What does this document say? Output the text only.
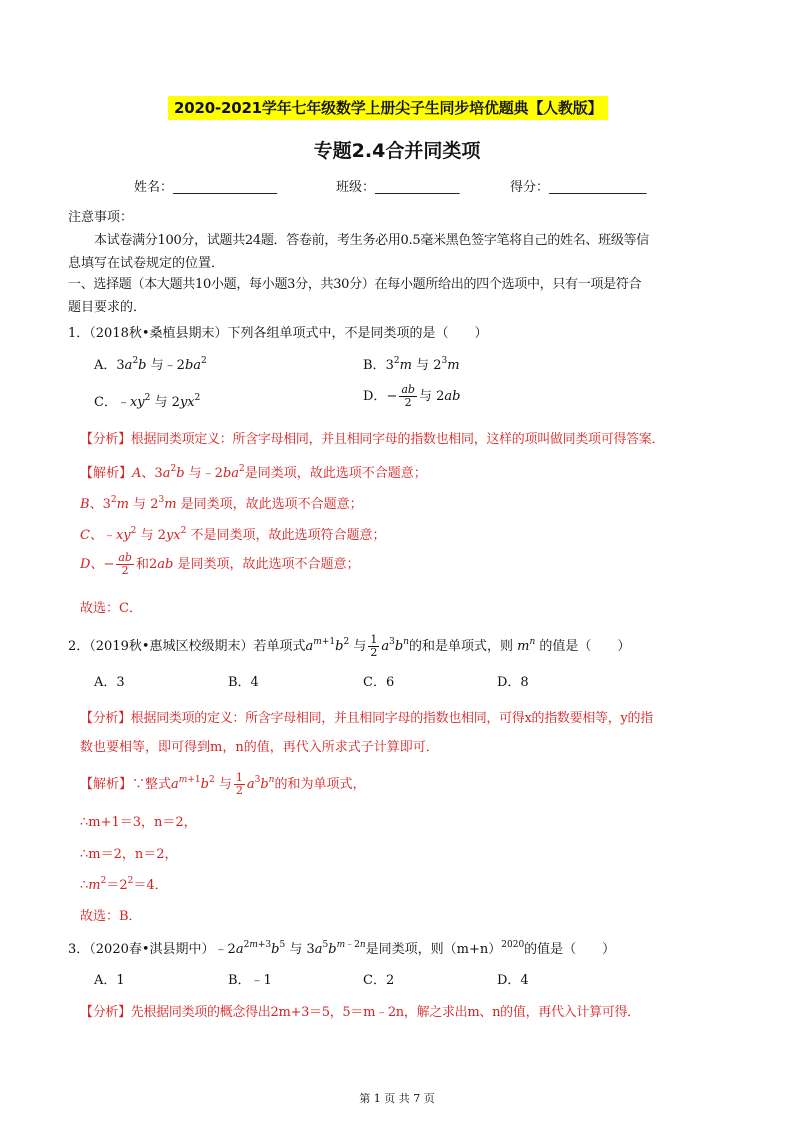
2020-2021学年七年级数学上册尖子生同步培优题典【人教版】
专题2.4合并同类项
姓名：________________	班级：_____________	得分：_______________
注意事项：
本试卷满分100分，试题共24题．答卷前，考生务必用0.5毫米黑色签字笔将自己的姓名、班级等信
息填写在试卷规定的位置．
一、选择题（本大题共10小题，每小题3分，共30分）在每小题所给出的四个选项中，只有一项是符合
题目要求的．
1．（2018秋•桑植县期末）下列各组单项式中，不是同类项的是（　　）
A．$3a^2b$ 与$﹣2ba^2$	B．$3^2m$ 与 $2^3m$
C．$﹣xy^2$ 与 $2yx^2$	D．− $\frac{ab}{2}$ 与 2ab
【分析】根据同类项定义：所含字母相同，并且相同字母的指数也相同，这样的项叫做同类项可得答案．
【解析】A、$3a^2b$ 与$﹣2ba^2$是同类项，故此选项不合题意；
B、$3^2m$ 与 $2^3m$ 是同类项，故此选项不合题意；
C、$﹣xy^2$ 与 $2yx^2$ 不是同类项，故此选项符合题意；
D、− $\frac{ab}{2}$ 和2ab 是同类项，故此选项不合题意；
故选：C．
2．（2019秋•惠城区校级期末）若单项式$a^{m+1}b^2$ 与 $\frac{1}{2} a^3b^n$的和是单项式，则 $m^n$ 的值是（　　）
A．3	B．4	C．6	D．8
【分析】根据同类项的定义：所含字母相同，并且相同字母的指数也相同，可得x的指数要相等，y的指
数也要相等，即可得到m，n的值，再代入所求式子计算即可．
【解析】∵整式$a^{m+1}b^2$ 与 $\frac{1}{2} a^3b^n$的和为单项式，
∴m+1＝3，n＝2，
∴m＝2，n＝2，
$\therefore m^2=2^2=4$．
故选：B．
3．（2020春•淇县期中）$﹣2a^{2m+3}b^5$ 与 $3a^5b^{m﹣2n}$是同类项，则$(m+n)^{2020}$的值是（　　）
A．1	B．﹣1	C．2	D．4
【分析】先根据同类项的概念得出2m+3＝5，5＝m﹣2n，解之求出m、n的值，再代入计算可得．
第 1 页 共 7 页
